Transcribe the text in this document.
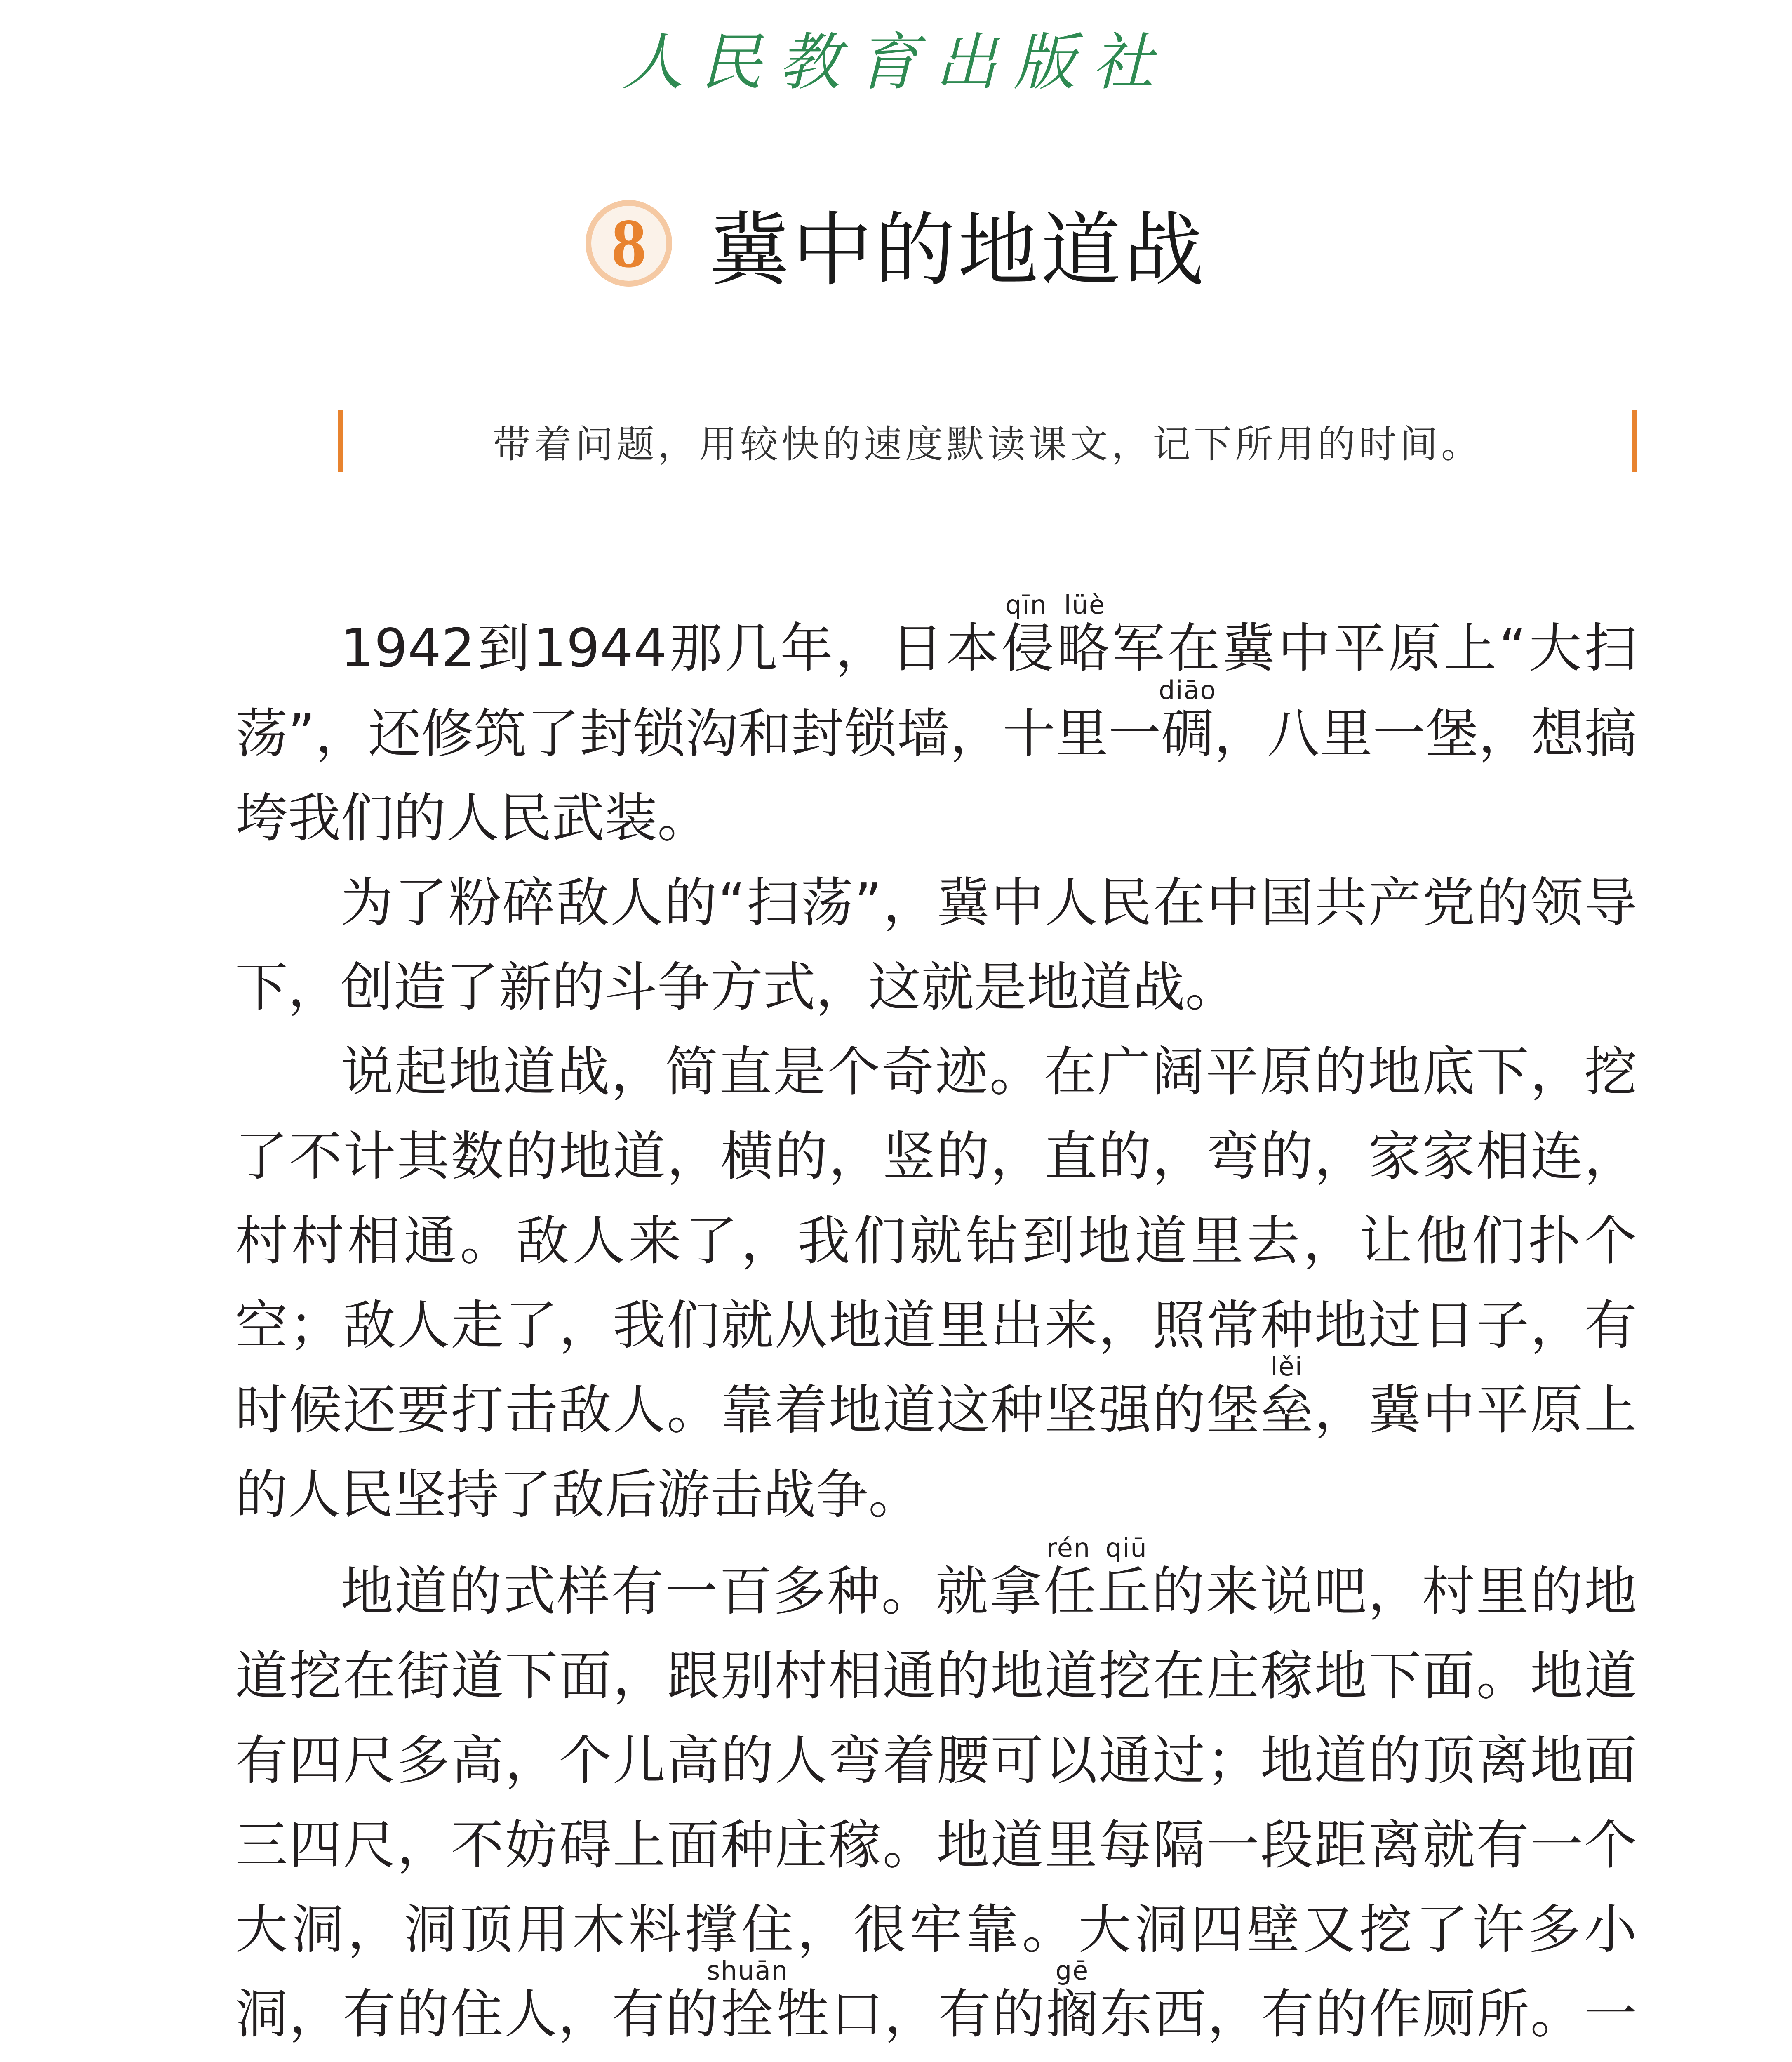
人民教育出版社
8 冀中的地道战
带着问题，用较快的速度默读课文，记下所用的时间。

1942到1944那几年，日本侵略qīn lüè军在冀中平原上“大扫荡”，还修筑了封锁沟和封锁墙，十里一碉diāo，八里一堡，想搞垮我们的人民武装。

为了粉碎敌人的“扫荡”，冀中人民在中国共产党的领导下，创造了新的斗争方式，这就是地道战。

说起地道战，简直是个奇迹。在广阔平原的地底下，挖了不计其数的地道，横的，竖的，直的，弯的，家家相连，村村相通。敌人来了，我们就钻到地道里去，让他们扑个空；敌人走了，我们就从地道里出来，照常种地过日子，有时候还要打击敌人。靠着地道这种坚强的堡垒lěi，冀中平原上的人民坚持了敌后游击战争。

地道的式样有一百多种。就拿任丘rén qiū的来说吧，村里的地道挖在街道下面，跟别村相通的地道挖在庄稼地下面。地道有四尺多高，个儿高的人弯着腰可以通过；地道的顶离地面三四尺，不妨碍上面种庄稼。地道里每隔一段距离就有一个大洞，洞顶用木料撑住，很牢靠。大洞四壁又挖了许多小洞，有的住人，有的拴shuān牲口，有的搁gē东西，有的作厕所。一
